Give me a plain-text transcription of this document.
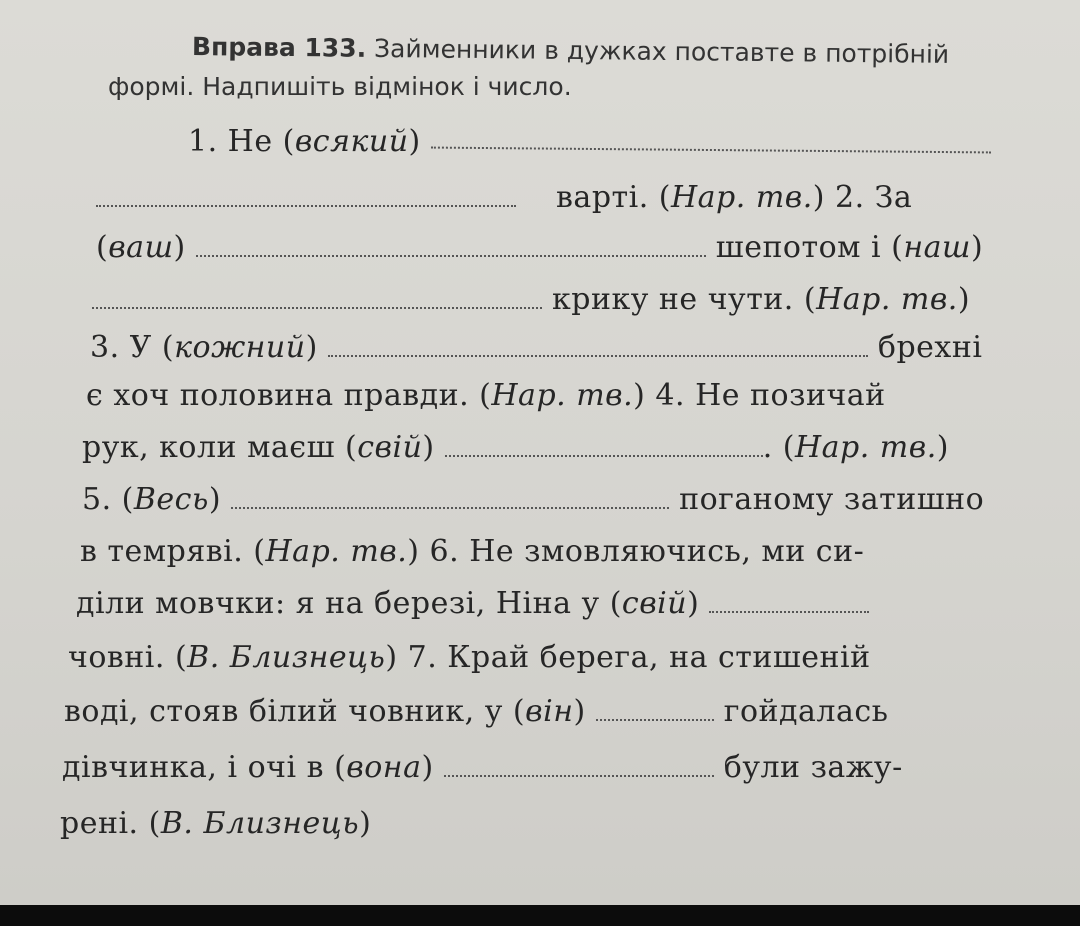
Вправа 133. Займенники в дужках поставте в потрібній
формі. Надпишіть відмінок і число.
1. Не (всякий)
варті. (Нар. тв.) 2. За
(ваш)	шепотом і (наш)
крику не чути. (Нар. тв.)
3. У (кожний)	брехні
є хоч половина правди. (Нар. тв.) 4. Не позичай
рук, коли маєш (свій)	. (Нар. тв.)
5. (Весь)	поганому затишно
в темряві. (Нар. тв.) 6. Не змовляючись, ми си-
діли мовчки: я на березі, Ніна у (свій)
човні. (В. Близнець) 7. Край берега, на стишеній
воді, стояв білий човник, у (він)	гойдалась
дівчинка, і очі в (вона)	були зажу-
рені. (В. Близнець)
